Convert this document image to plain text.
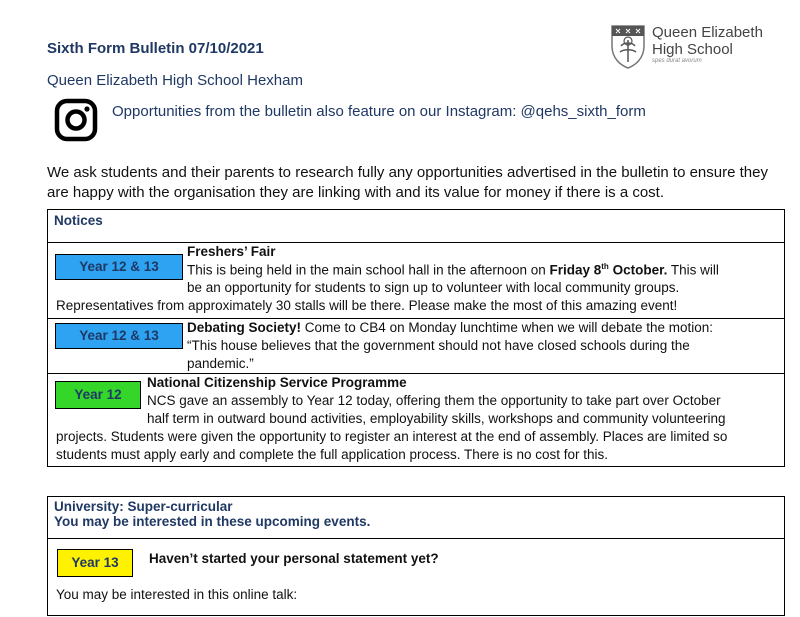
Sixth Form Bulletin 07/10/2021
Queen Elizabeth High School Hexham
Opportunities from the bulletin also feature on our Instagram: @qehs_sixth_form
Queen Elizabeth
High School
spes durat avorum
We ask students and their parents to research fully any opportunities advertised in the bulletin to ensure they are happy with the organisation they are linking with and its value for money if there is a cost.
Notices
Year 12 & 13
Freshers’ Fair
This is being held in the main school hall in the afternoon on Friday 8th October. This will
be an opportunity for students to sign up to volunteer with local community groups.
Representatives from approximately 30 stalls will be there. Please make the most of this amazing event!
Year 12 & 13
Debating Society! Come to CB4 on Monday lunchtime when we will debate the motion:
“This house believes that the government should not have closed schools during the
pandemic.”
Year 12
National Citizenship Service Programme
NCS gave an assembly to Year 12 today, offering them the opportunity to take part over October
half term in outward bound activities, employability skills, workshops and community volunteering
projects. Students were given the opportunity to register an interest at the end of assembly. Places are limited so
students must apply early and complete the full application process. There is no cost for this.
University: Super-curricular
You may be interested in these upcoming events.
Year 13	Haven’t started your personal statement yet?
You may be interested in this online talk:
